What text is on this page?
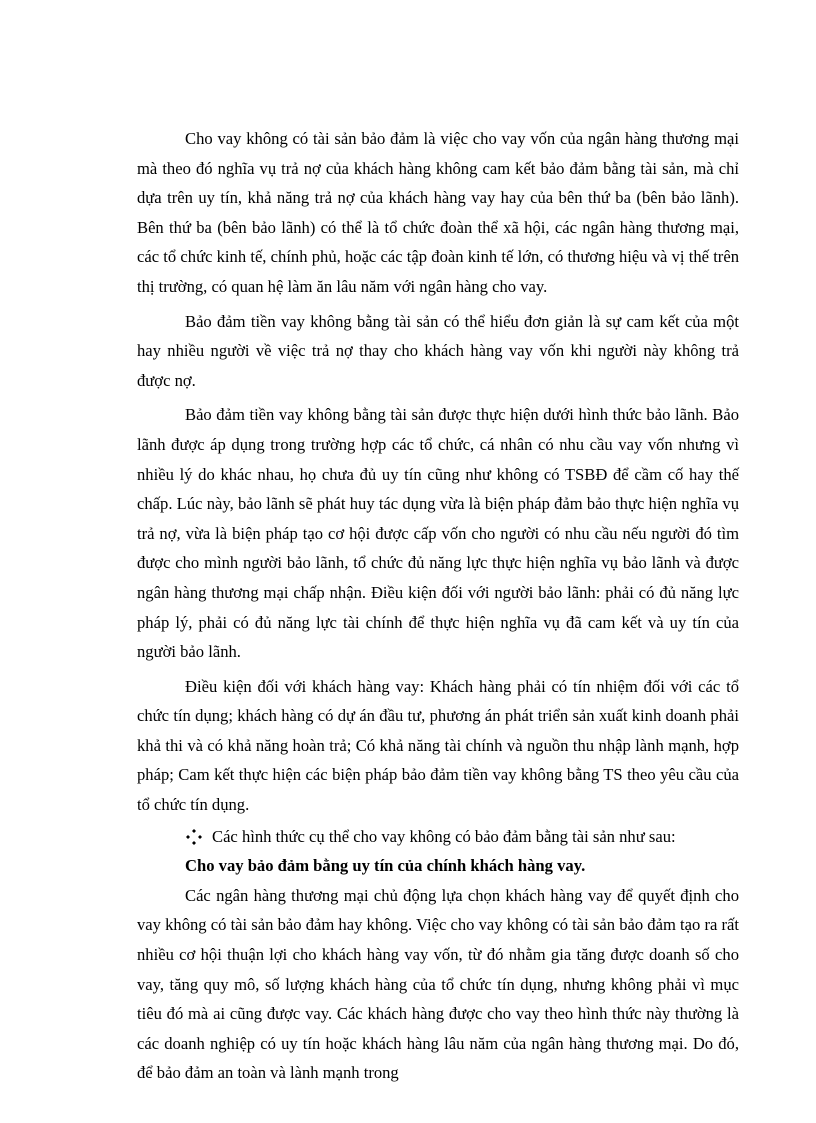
Cho vay không có tài sản bảo đảm là việc cho vay vốn của ngân hàng thương mại mà theo đó nghĩa vụ trả nợ của khách hàng không cam kết bảo đảm bằng tài sản, mà chỉ dựa trên uy tín, khả năng trả nợ của khách hàng vay hay của bên thứ ba (bên bảo lãnh). Bên thứ ba (bên bảo lãnh) có thể là tổ chức đoàn thể xã hội, các ngân hàng thương mại, các tổ chức kinh tế, chính phủ, hoặc các tập đoàn kinh tế lớn, có thương hiệu và vị thế trên thị trường, có quan hệ làm ăn lâu năm với ngân hàng cho vay.

Bảo đảm tiền vay không bằng tài sản có thể hiểu đơn giản là sự cam kết của một hay nhiều người về việc trả nợ thay cho khách hàng vay vốn khi người này không trả được nợ.

Bảo đảm tiền vay không bằng tài sản được thực hiện dưới hình thức bảo lãnh. Bảo lãnh được áp dụng trong trường hợp các tổ chức, cá nhân có nhu cầu vay vốn nhưng vì nhiều lý do khác nhau, họ chưa đủ uy tín cũng như không có TSBĐ để cầm cố hay thế chấp. Lúc này, bảo lãnh sẽ phát huy tác dụng vừa là biện pháp đảm bảo thực hiện nghĩa vụ trả nợ, vừa là biện pháp tạo cơ hội được cấp vốn cho người có nhu cầu nếu người đó tìm được cho mình người bảo lãnh, tổ chức đủ năng lực thực hiện nghĩa vụ bảo lãnh và được ngân hàng thương mại chấp nhận. Điều kiện đối với người bảo lãnh: phải có đủ năng lực pháp lý, phải có đủ năng lực tài chính để thực hiện nghĩa vụ đã cam kết và uy tín của người bảo lãnh.

Điều kiện đối với khách hàng vay: Khách hàng phải có tín nhiệm đối với các tổ chức tín dụng; khách hàng có dự án đầu tư, phương án phát triển sản xuất kinh doanh phải khả thi và có khả năng hoàn trả; Có khả năng tài chính và nguồn thu nhập lành mạnh, hợp pháp; Cam kết thực hiện các biện pháp bảo đảm tiền vay không bằng TS theo yêu cầu của tổ chức tín dụng.

Các hình thức cụ thể cho vay không có bảo đảm bằng tài sản như sau:

Cho vay bảo đảm bằng uy tín của chính khách hàng vay.

Các ngân hàng thương mại chủ động lựa chọn khách hàng vay để quyết định cho vay không có tài sản bảo đảm hay không. Việc cho vay không có tài sản bảo đảm tạo ra rất nhiều cơ hội thuận lợi cho khách hàng vay vốn, từ đó nhằm gia tăng được doanh số cho vay, tăng quy mô, số lượng khách hàng của tổ chức tín dụng, nhưng không phải vì mục tiêu đó mà ai cũng được vay. Các khách hàng được cho vay theo hình thức này thường là các doanh nghiệp có uy tín hoặc khách hàng lâu năm của ngân hàng thương mại. Do đó, để bảo đảm an toàn và lành mạnh trong
